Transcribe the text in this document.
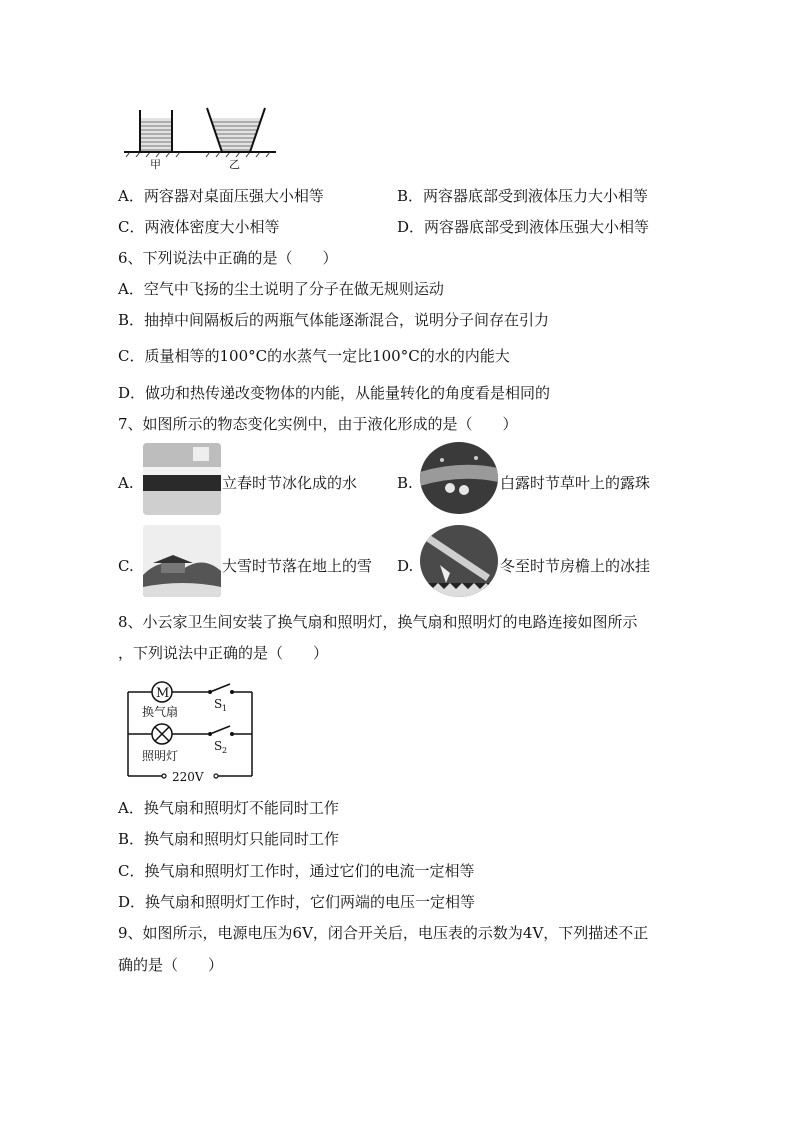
甲	乙
A．两容器对桌面压强大小相等	B．两容器底部受到液体压力大小相等
C．两液体密度大小相等	D．两容器底部受到液体压强大小相等
6、下列说法中正确的是（　　）
A．空气中飞扬的尘土说明了分子在做无规则运动
B．抽掉中间隔板后的两瓶气体能逐渐混合，说明分子间存在引力
C．质量相等的100°C的水蒸气一定比100°C的水的内能大
D．做功和热传递改变物体的内能，从能量转化的角度看是相同的
7、如图所示的物态变化实例中，由于液化形成的是（　　）
A.	立春时节冰化成的水	B.	白露时节草叶上的露珠
C.	大雪时节落在地上的雪 D.	冬至时节房檐上的冰挂
8、小云家卫生间安装了换气扇和照明灯，换气扇和照明灯的电路连接如图所示
，下列说法中正确的是（　　）
M
S 1
换气扇
S 2
照明灯
220V
A．换气扇和照明灯不能同时工作
B．换气扇和照明灯只能同时工作
C．换气扇和照明灯工作时，通过它们的电流一定相等
D．换气扇和照明灯工作时，它们两端的电压一定相等
9、如图所示，电源电压为6V，闭合开关后，电压表的示数为4V，下列描述不正
确的是（　　）
